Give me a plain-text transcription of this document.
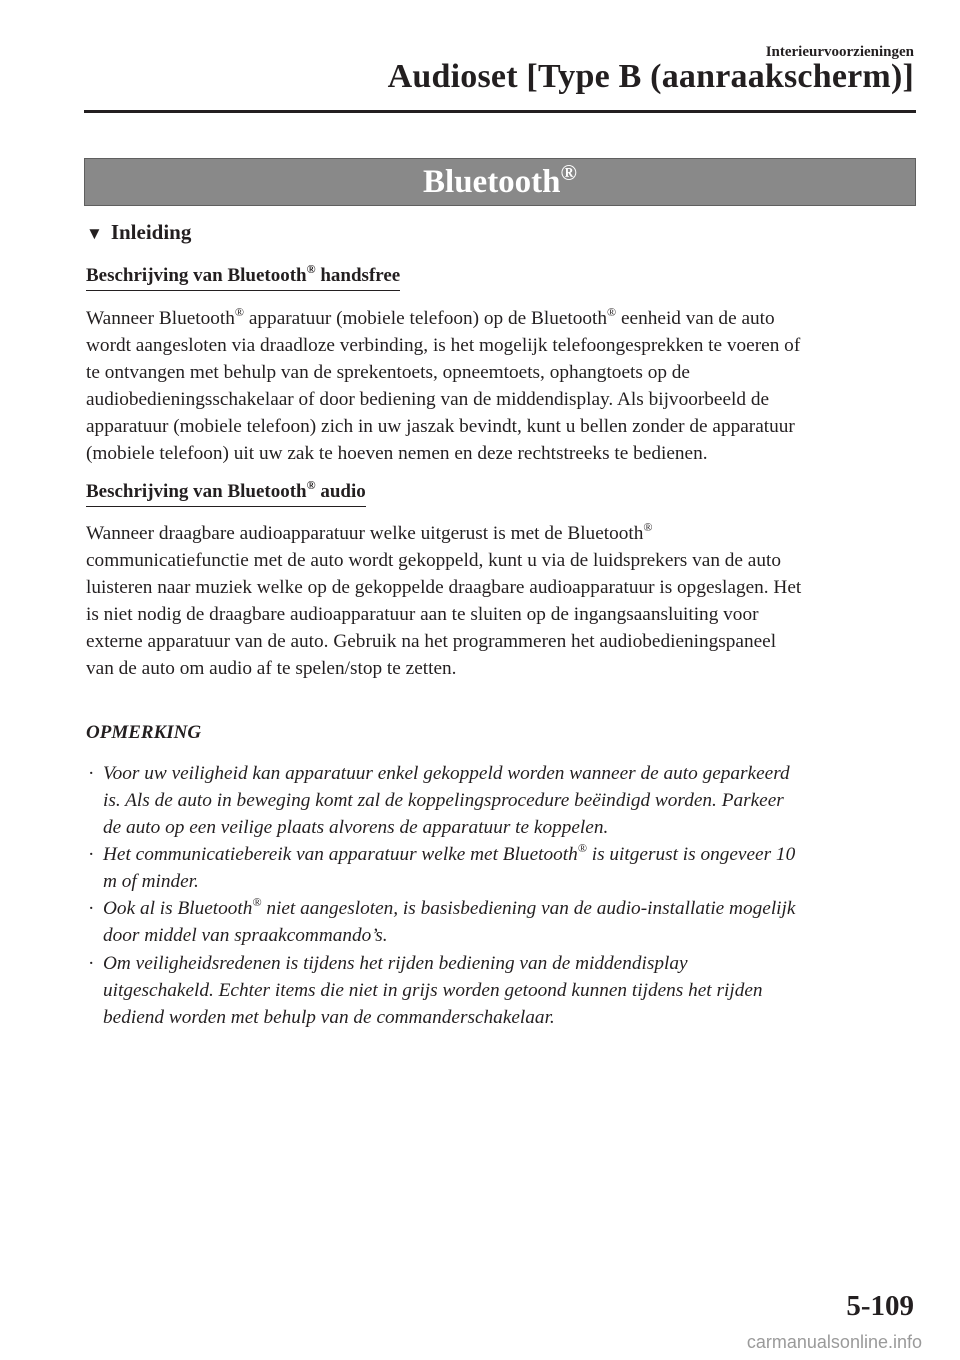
Interieurvoorzieningen
Audioset [Type B (aanraakscherm)]
Bluetooth®
▼ Inleiding
Beschrijving van Bluetooth® handsfree
Wanneer Bluetooth® apparatuur (mobiele telefoon) op de Bluetooth® eenheid van de auto
wordt aangesloten via draadloze verbinding, is het mogelijk telefoongesprekken te voeren of
te ontvangen met behulp van de sprekentoets, opneemtoets, ophangtoets op de
audiobedieningsschakelaar of door bediening van de middendisplay. Als bijvoorbeeld de
apparatuur (mobiele telefoon) zich in uw jaszak bevindt, kunt u bellen zonder de apparatuur
(mobiele telefoon) uit uw zak te hoeven nemen en deze rechtstreeks te bedienen.
Beschrijving van Bluetooth® audio
Wanneer draagbare audioapparatuur welke uitgerust is met de Bluetooth®
communicatiefunctie met de auto wordt gekoppeld, kunt u via de luidsprekers van de auto
luisteren naar muziek welke op de gekoppelde draagbare audioapparatuur is opgeslagen. Het
is niet nodig de draagbare audioapparatuur aan te sluiten op de ingangsaansluiting voor
externe apparatuur van de auto. Gebruik na het programmeren het audiobedieningspaneel
van de auto om audio af te spelen/stop te zetten.
OPMERKING
· Voor uw veiligheid kan apparatuur enkel gekoppeld worden wanneer de auto geparkeerd
is. Als de auto in beweging komt zal de koppelingsprocedure beëindigd worden. Parkeer
de auto op een veilige plaats alvorens de apparatuur te koppelen.
· Het communicatiebereik van apparatuur welke met Bluetooth® is uitgerust is ongeveer 10
m of minder.
· Ook al is Bluetooth® niet aangesloten, is basisbediening van de audio-installatie mogelijk
door middel van spraakcommando’s.
· Om veiligheidsredenen is tijdens het rijden bediening van de middendisplay
uitgeschakeld. Echter items die niet in grijs worden getoond kunnen tijdens het rijden
bediend worden met behulp van de commanderschakelaar.
5-109
carmanualsonline.info
